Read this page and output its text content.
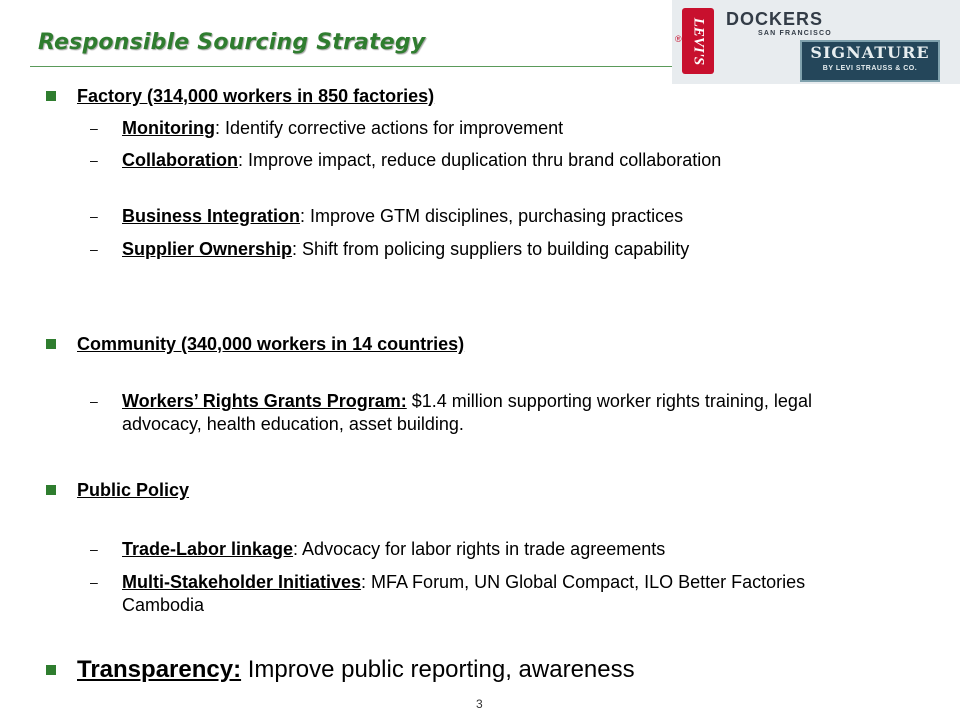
Responsible Sourcing Strategy	LEVI'S
®
DOCKERS
SAN FRANCISCO
SIGNATURE
BY LEVI STRAUSS & CO.
Factory (314,000 workers in 850 factories)
– Monitoring: Identify corrective actions for improvement
– Collaboration: Improve impact, reduce duplication thru brand collaboration
– Business Integration: Improve GTM disciplines, purchasing practices
– Supplier Ownership: Shift from policing suppliers to building capability
Community (340,000 workers in 14 countries)
– Workers’ Rights Grants Program: $1.4 million supporting worker rights training, legal advocacy, health education, asset building.
Public Policy
– Trade-Labor linkage: Advocacy for labor rights in trade agreements
– Multi-Stakeholder Initiatives: MFA Forum, UN Global Compact, ILO Better Factories Cambodia
Transparency: Improve public reporting, awareness
3
